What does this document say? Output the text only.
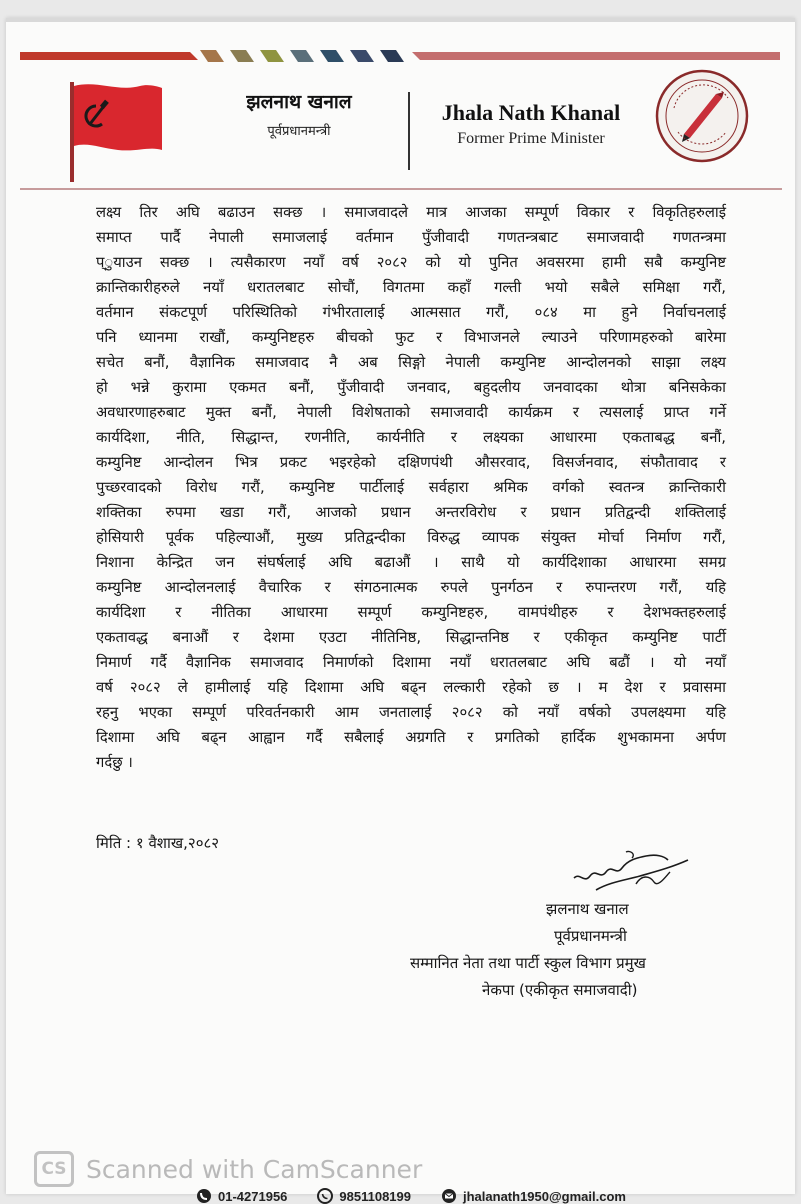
झलनाथ खनाल
पूर्वप्रधानमन्त्री
Jhala Nath Khanal
Former Prime Minister
लक्ष्य तिर अघि बढाउन सक्छ । समाजवादले मात्र आजका सम्पूर्ण विकार र विकृतिहरुलाई
समाप्त पार्दै नेपाली समाजलाई वर्तमान पुँजीवादी गणतन्त्रबाट समाजवादी गणतन्त्रमा
प्ुयाउन सक्छ । त्यसैकारण नयाँ वर्ष २०८२ को यो पुनित अवसरमा हामी सबै कम्युनिष्ट
क्रान्तिकारीहरुले नयाँ धरातलबाट सोचौं, विगतमा कहाँ गल्ती भयो सबैले समिक्षा गरौं,
वर्तमान संकटपूर्ण परिस्थितिको गंभीरतालाई आत्मसात गरौं, ०८४ मा हुने निर्वाचनलाई
पनि ध्यानमा राखौं, कम्युनिष्टहरु बीचको फुट र विभाजनले ल्याउने परिणामहरुको बारेमा
सचेत बनौं, वैज्ञानिक समाजवाद नै अब सिङ्गो नेपाली कम्युनिष्ट आन्दोलनको साझा लक्ष्य
हो भन्ने कुरामा एकमत बनौं, पुँजीवादी जनवाद, बहुदलीय जनवादका थोत्रा बनिसकेका
अवधारणाहरुबाट मुक्त बनौं, नेपाली विशेषताको समाजवादी कार्यक्रम र त्यसलाई प्राप्त गर्ने
कार्यदिशा, नीति, सिद्धान्त, रणनीति, कार्यनीति र लक्ष्यका आधारमा एकताबद्ध बनौं,
कम्युनिष्ट आन्दोलन भित्र प्रकट भइरहेको दक्षिणपंथी औसरवाद, विसर्जनवाद, संफौतावाद र
पुच्छरवादको विरोध गरौं, कम्युनिष्ट पार्टीलाई सर्वहारा श्रमिक वर्गको स्वतन्त्र क्रान्तिकारी
शक्तिका रुपमा खडा गरौं, आजको प्रधान अन्तरविरोध र प्रधान प्रतिद्वन्दी शक्तिलाई
होसियारी पूर्वक पहिल्याऔं, मुख्य प्रतिद्वन्दीका विरुद्ध व्यापक संयुक्त मोर्चा निर्माण गरौं,
निशाना केन्द्रित जन संघर्षलाई अघि बढाऔं । साथै यो कार्यदिशाका आधारमा समग्र
कम्युनिष्ट आन्दोलनलाई वैचारिक र संगठनात्मक रुपले पुनर्गठन र रुपान्तरण गरौं, यहि
कार्यदिशा र नीतिका आधारमा सम्पूर्ण कम्युनिष्टहरु, वामपंथीहरु र देशभक्तहरुलाई
एकतावद्ध बनाऔं र देशमा एउटा नीतिनिष्ठ, सिद्धान्तनिष्ठ र एकीकृत कम्युनिष्ट पार्टी
निमार्ण गर्दै वैज्ञानिक समाजवाद निमार्णको दिशामा नयाँ धरातलबाट अघि बढौं । यो नयाँ
वर्ष २०८२ ले हामीलाई यहि दिशामा अघि बढ्न लल्कारी रहेको छ । म देश र प्रवासमा
रहनु भएका सम्पूर्ण परिवर्तनकारी आम जनतालाई २०८२ को नयाँ वर्षको उपलक्ष्यमा यहि
दिशामा अघि बढ्न आह्वान गर्दै सबैलाई अग्रगति र प्रगतिको हार्दिक शुभकामना अर्पण
गर्दछु ।
मिति : १ वैशाख,२०८२
झलनाथ खनाल
पूर्वप्रधानमन्त्री
सम्मानित नेता तथा पार्टी स्कुल विभाग प्रमुख
नेकपा (एकीकृत समाजवादी)
CS Scanned with CamScanner
01-4271956	9851108199	jhalanath1950@gmail.com
